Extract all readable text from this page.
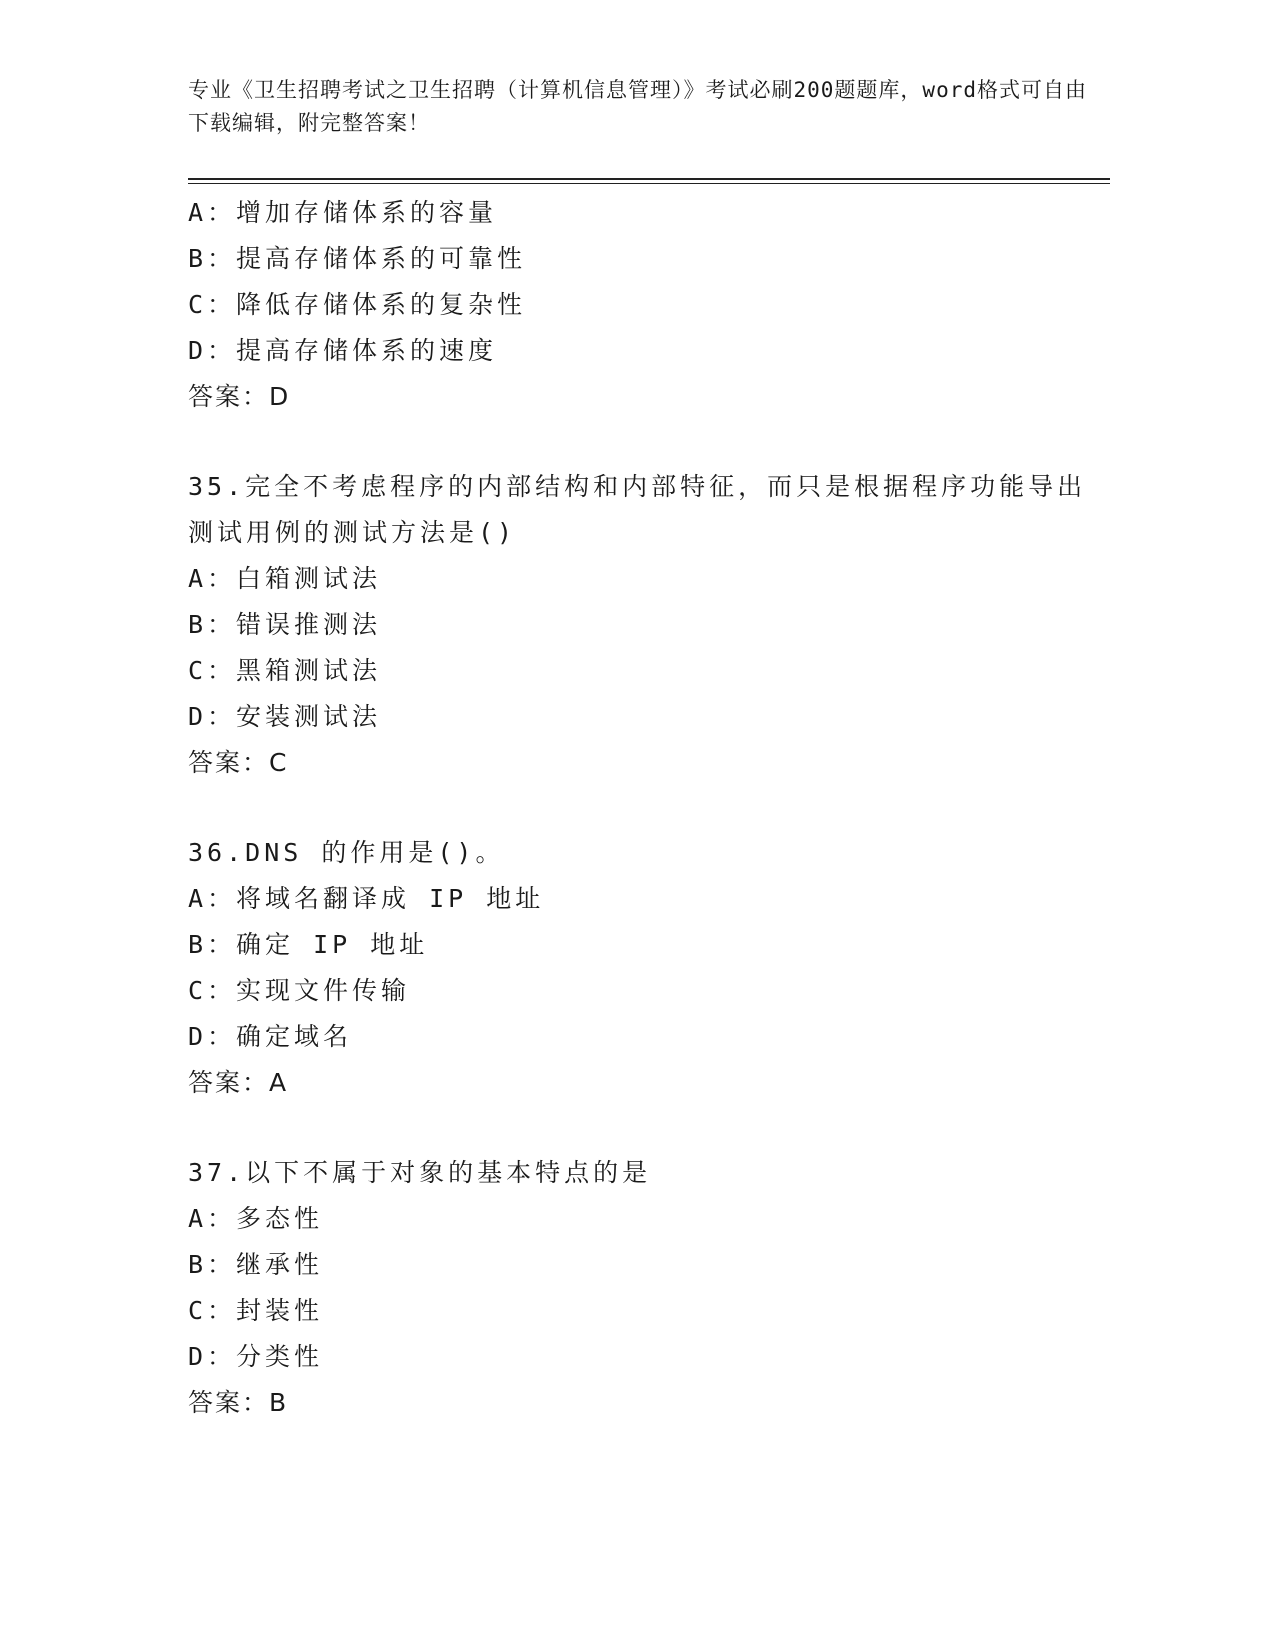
专业《卫生招聘考试之卫生招聘（计算机信息管理）》考试必刷200题题库，word格式可自由下载编辑，附完整答案！
A：增加存储体系的容量
B：提高存储体系的可靠性
C：降低存储体系的复杂性
D：提高存储体系的速度
答案：D
35.完全不考虑程序的内部结构和内部特征，而只是根据程序功能导出测试用例的测试方法是()
A：白箱测试法
B：错误推测法
C：黑箱测试法
D：安装测试法
答案：C
36.DNS 的作用是()。
A：将域名翻译成 IP 地址
B：确定 IP 地址
C：实现文件传输
D：确定域名
答案：A
37.以下不属于对象的基本特点的是
A：多态性
B：继承性
C：封装性
D：分类性
答案：B
